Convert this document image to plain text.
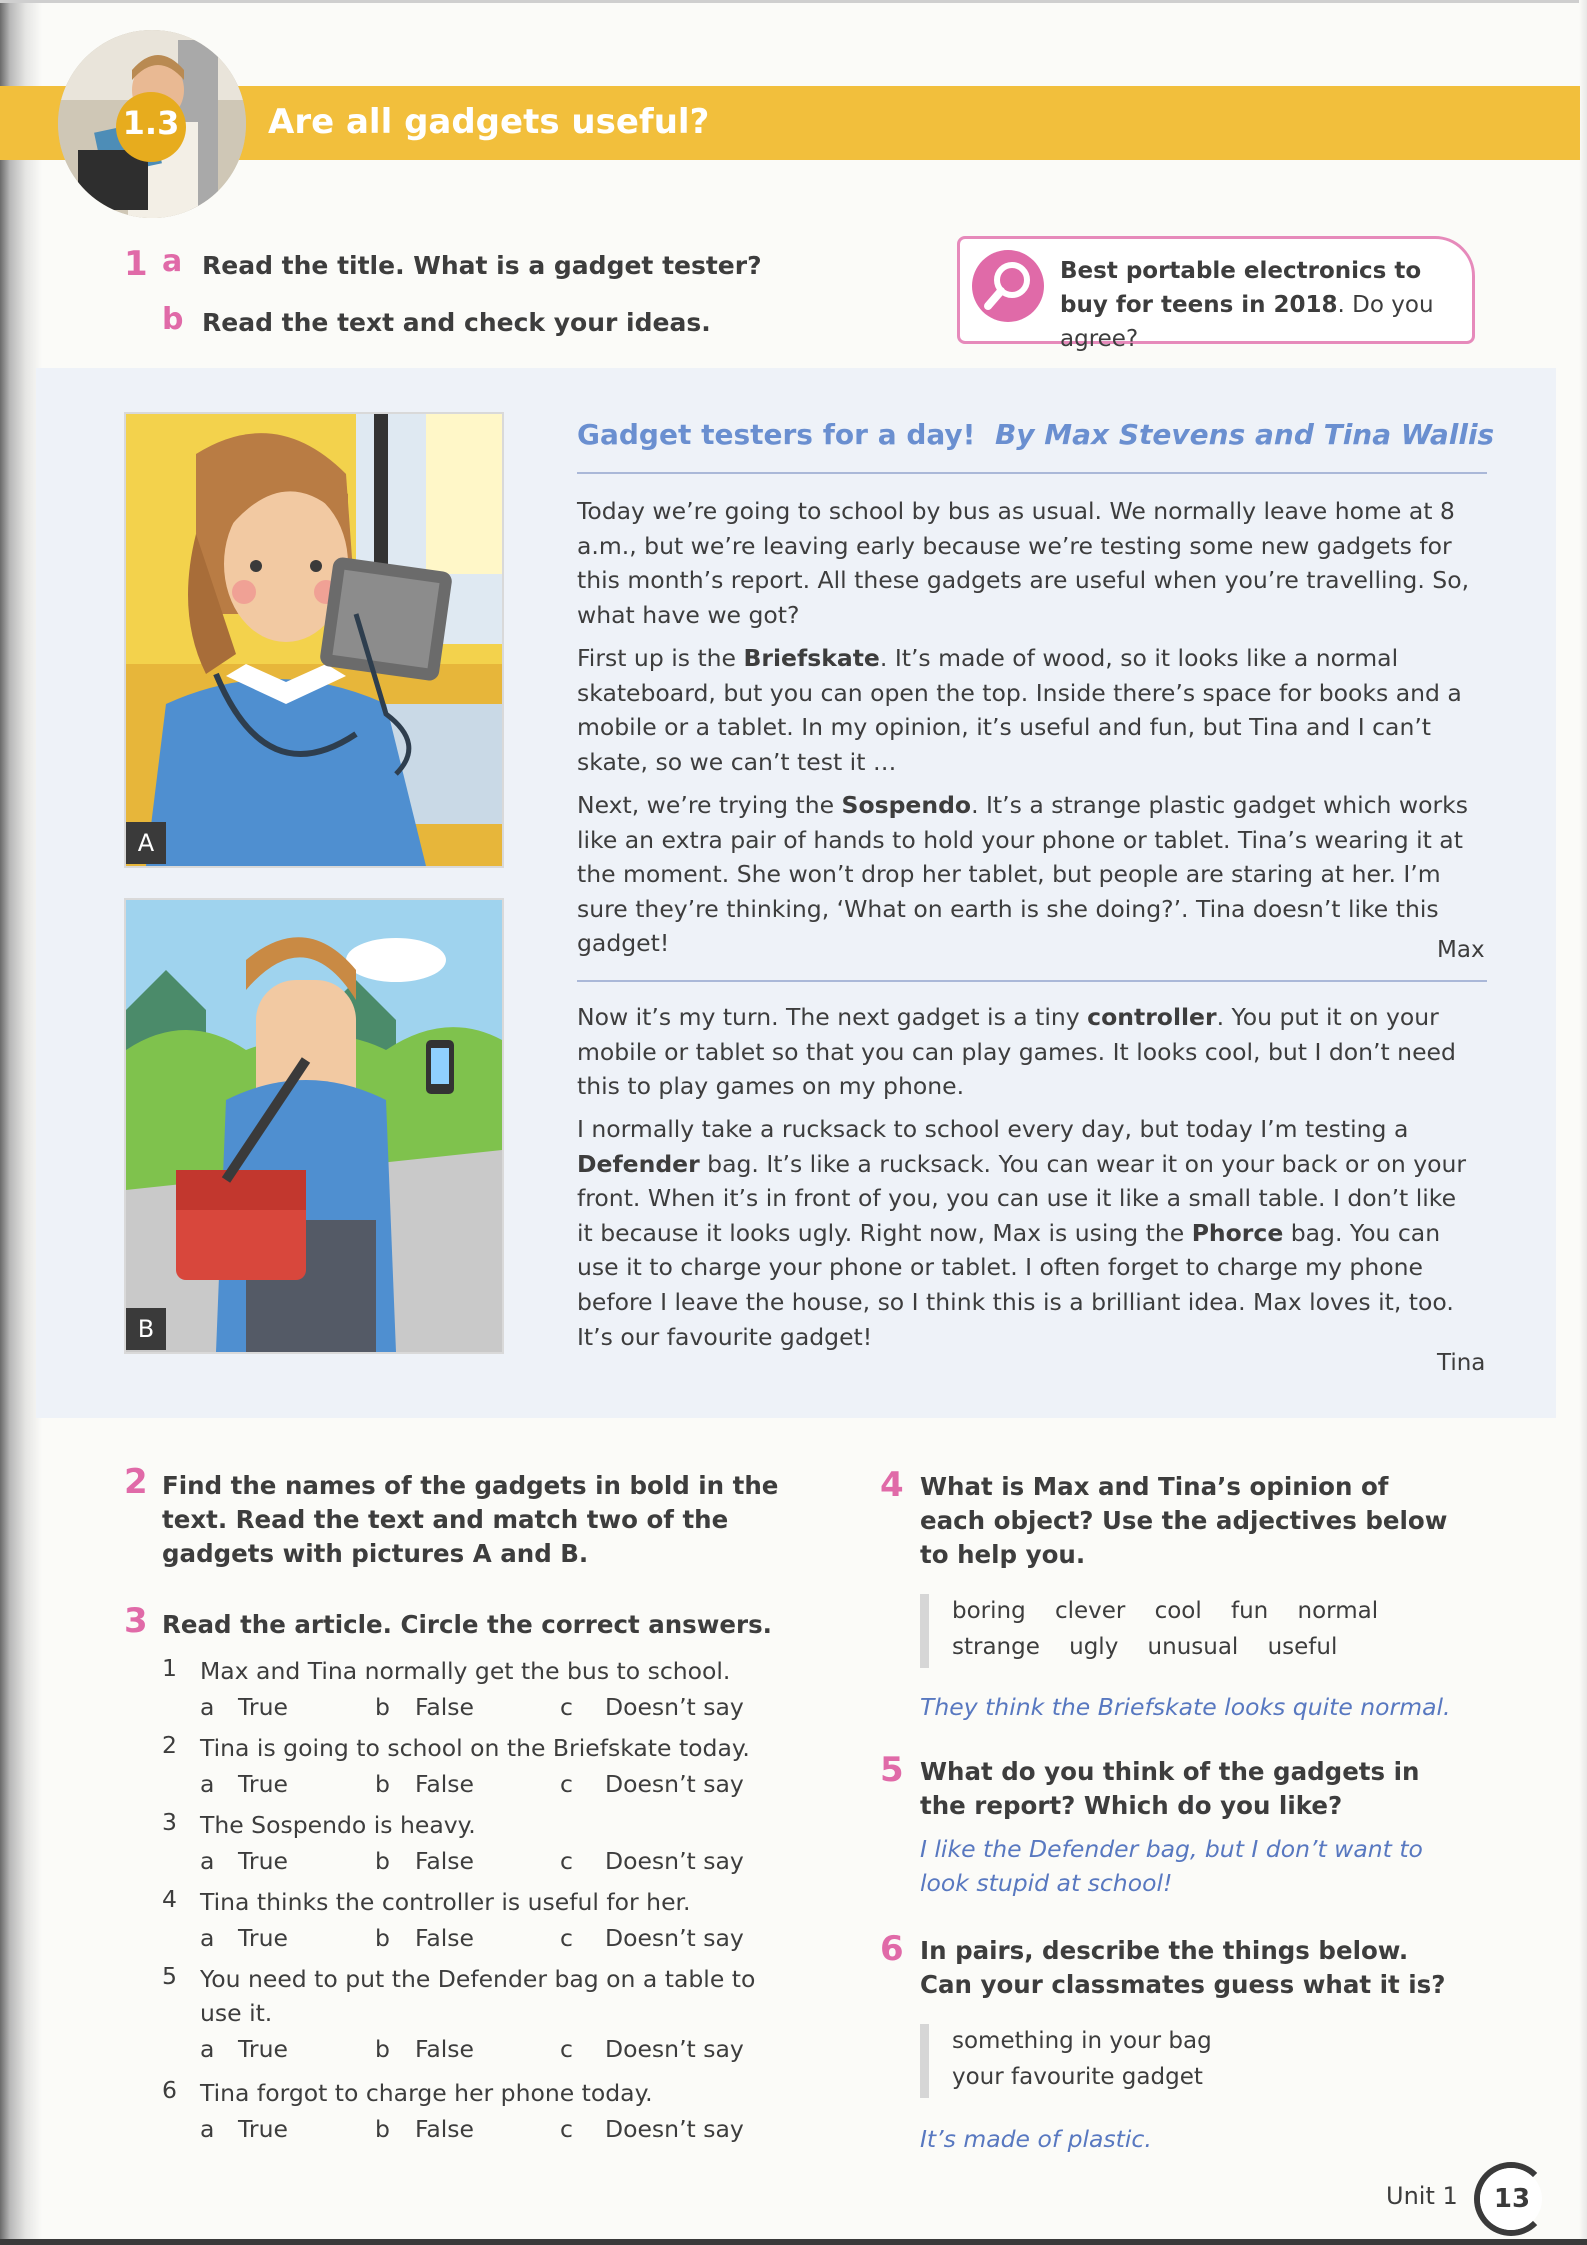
1.3	Are all gadgets useful?
1 a Read the title. What is a gadget tester?
b Read the text and check your ideas.
Best portable electronics to buy for teens in 2018. Do you agree?
A
B
Gadget testers for a day! By Max Stevens and Tina Wallis
Today we’re going to school by bus as usual. We normally leave home at 8 a.m., but we’re leaving early because we’re testing some new gadgets for this month’s report. All these gadgets are useful when you’re travelling. So, what have we got?
First up is the Briefskate. It’s made of wood, so it looks like a normal skateboard, but you can open the top. Inside there’s space for books and a mobile or a tablet. In my opinion, it’s useful and fun, but Tina and I can’t skate, so we can’t test it …
Next, we’re trying the Sospendo. It’s a strange plastic gadget which works like an extra pair of hands to hold your phone or tablet. Tina’s wearing it at the moment. She won’t drop her tablet, but people are staring at her. I’m sure they’re thinking, ‘What on earth is she doing?’. Tina doesn’t like this gadget!	Max
Now it’s my turn. The next gadget is a tiny controller. You put it on your mobile or tablet so that you can play games. It looks cool, but I don’t need this to play games on my phone.
I normally take a rucksack to school every day, but today I’m testing a Defender bag. It’s like a rucksack. You can wear it on your back or on your front. When it’s in front of you, you can use it like a small table. I don’t like it because it looks ugly. Right now, Max is using the Phorce bag. You can use it to charge your phone or tablet. I often forget to charge my phone before I leave the house, so I think this is a brilliant idea. Max loves it, too. It’s our favourite gadget!
Tina
2 Find the names of the gadgets in bold in the text. Read the text and match two of the gadgets with pictures A and B.
3 Read the article. Circle the correct answers.
1 Max and Tina normally get the bus to school.
a True	b False	c Doesn’t say
2 Tina is going to school on the Briefskate today.
a True	b False	c Doesn’t say
3 The Sospendo is heavy.
a True	b False	c Doesn’t say
4 Tina thinks the controller is useful for her.
a True	b False	c Doesn’t say
5 You need to put the Defender bag on a table to use it.
a True	b False	c Doesn’t say
6 Tina forgot to charge her phone today.
a True	b False	c Doesn’t say
4 What is Max and Tina’s opinion of each object? Use the adjectives below to help you.
boring    clever    cool    fun    normal
strange    ugly    unusual    useful
They think the Briefskate looks quite normal.
5 What do you think of the gadgets in the report? Which do you like?
I like the Defender bag, but I don’t want to look stupid at school!
6 In pairs, describe the things below. Can your classmates guess what it is?
something in your bag
your favourite gadget
It’s made of plastic.
Unit 1	13
